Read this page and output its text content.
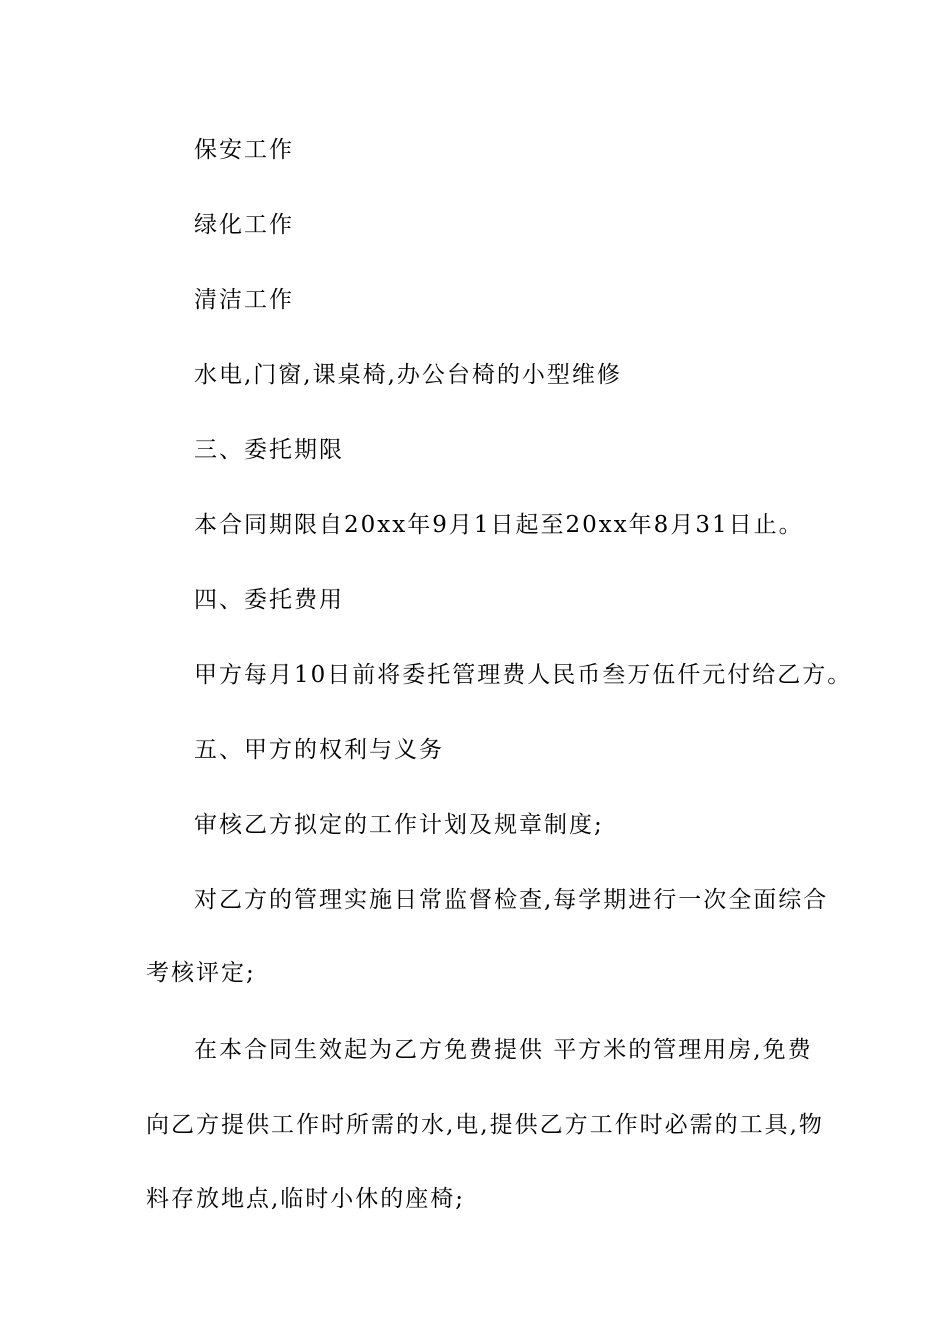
保安工作

绿化工作

清洁工作

水电,门窗,课桌椅,办公台椅的小型维修

三、委托期限

本合同期限自20xx年9月1日起至20xx年8月31日止。

四、委托费用

甲方每月10日前将委托管理费人民币叁万伍仟元付给乙方。

五、甲方的权利与义务

审核乙方拟定的工作计划及规章制度;

对乙方的管理实施日常监督检查,每学期进行一次全面综合

考核评定;

在本合同生效起为乙方免费提供 平方米的管理用房,免费

向乙方提供工作时所需的水,电,提供乙方工作时必需的工具,物

料存放地点,临时小休的座椅;
